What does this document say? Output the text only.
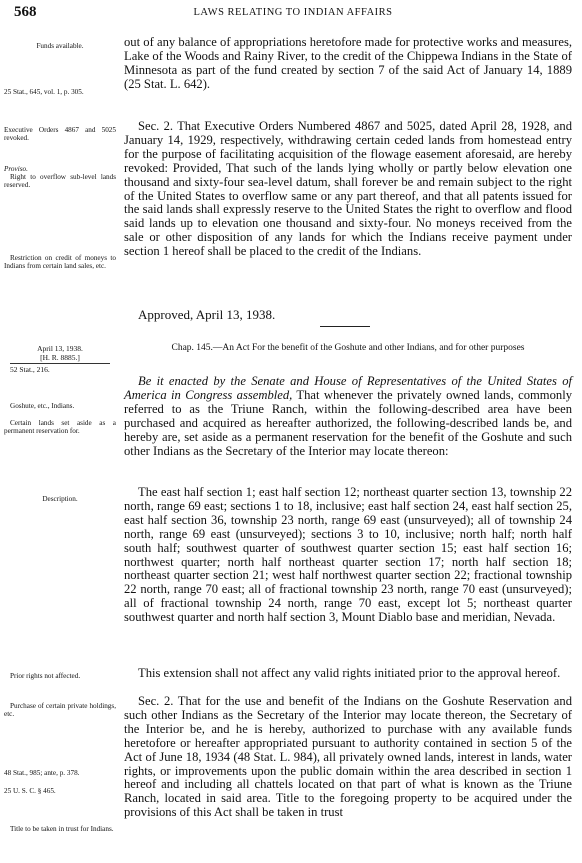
568	LAWS RELATING TO INDIAN AFFAIRS
Funds available.
25 Stat., 645, vol. 1, p. 305.
Executive Orders 4867 and 5025 revoked.
Proviso.
Right to overflow sub-level lands reserved.
Restriction on credit of moneys to Indians from certain land sales, etc.
April 13, 1938.
[H. R. 8885.]
52 Stat., 216.
Goshute, etc., Indians.
Certain lands set aside as a permanent reservation for.
Description.
Prior rights not affected.
Purchase of certain private holdings, etc.
48 Stat., 985; ante, p. 378.
25 U. S. C. § 465.
Title to be taken in trust for Indians.

out of any balance of appropriations heretofore made for protective works and measures, Lake of the Woods and Rainy River, to the credit of the Chippewa Indians in the State of Minnesota as part of the fund created by section 7 of the said Act of January 14, 1889 (25 Stat. L. 642).

Sec. 2. That Executive Orders Numbered 4867 and 5025, dated April 28, 1928, and January 14, 1929, respectively, withdrawing certain ceded lands from homestead entry for the purpose of facilitating acquisition of the flowage easement aforesaid, are hereby revoked: Provided, That such of the lands lying wholly or partly below elevation one thousand and sixty-four sea-level datum, shall forever be and remain subject to the right of the United States to overflow same or any part thereof, and that all patents issued for the said lands shall expressly reserve to the United States the right to overflow and flood said lands up to elevation one thousand and sixty-four. No moneys received from the sale or other disposition of any lands for which the Indians receive payment under section 1 hereof shall be placed to the credit of the Indians.

Approved, April 13, 1938.

Chap. 145.—An Act For the benefit of the Goshute and other Indians, and for other purposes

Be it enacted by the Senate and House of Representatives of the United States of America in Congress assembled, That whenever the privately owned lands, commonly referred to as the Triune Ranch, within the following-described area have been purchased and acquired as hereafter authorized, the following-described lands be, and hereby are, set aside as a permanent reservation for the benefit of the Goshute and such other Indians as the Secretary of the Interior may locate thereon:

The east half section 1; east half section 12; northeast quarter section 13, township 22 north, range 69 east; sections 1 to 18, inclusive; east half section 24, east half section 25, east half section 36, township 23 north, range 69 east (unsurveyed); all of township 24 north, range 69 east (unsurveyed); sections 3 to 10, inclusive; north half; north half south half; southwest quarter of southwest quarter section 15; east half section 16; northwest quarter; north half northeast quarter section 17; north half section 18; northeast quarter section 21; west half northwest quarter section 22; fractional township 22 north, range 70 east; all of fractional township 23 north, range 70 east (unsurveyed); all of fractional township 24 north, range 70 east, except lot 5; northeast quarter southwest quarter and north half section 3, Mount Diablo base and meridian, Nevada.

This extension shall not affect any valid rights initiated prior to the approval hereof.

Sec. 2. That for the use and benefit of the Indians on the Goshute Reservation and such other Indians as the Secretary of the Interior may locate thereon, the Secretary of the Interior be, and he is hereby, authorized to purchase with any available funds heretofore or hereafter appropriated pursuant to authority contained in section 5 of the Act of June 18, 1934 (48 Stat. L. 984), all privately owned lands, interest in lands, water rights, or improvements upon the public domain within the area described in section 1 hereof and including all chattels located on that part of what is known as the Triune Ranch, located in said area. Title to the foregoing property to be acquired under the provisions of this Act shall be taken in trust
